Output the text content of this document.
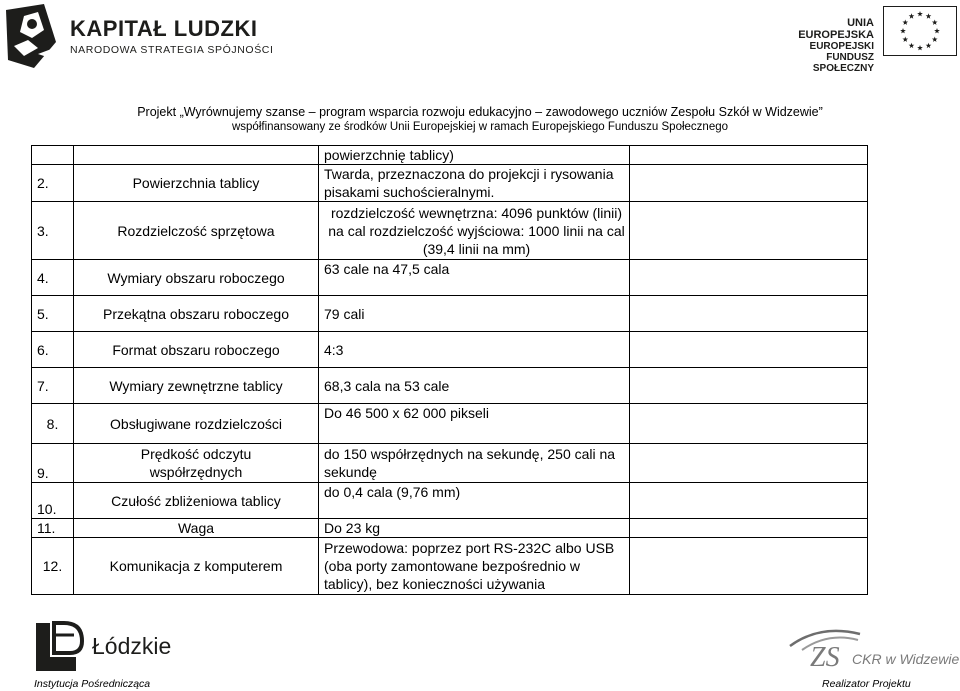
KAPITAŁ LUDZKI
NARODOWA STRATEGIA SPÓJNOŚCI
UNIA EUROPEJSKA
EUROPEJSKI
FUNDUSZ SPOŁECZNY
Projekt „Wyrównujemy szanse – program wsparcia rozwoju edukacyjno – zawodowego uczniów Zespołu Szkół w Widzewie”
współfinansowany ze środków Unii Europejskiej w ramach Europejskiego Funduszu Społecznego
		powierzchnię tablicy)	
2.	Powierzchnia tablicy	Twarda, przeznaczona do projekcji i rysowania pisakami suchościeralnymi.	
3.	Rozdzielczość sprzętowa	rozdzielczość wewnętrzna: 4096 punktów (linii) na cal rozdzielczość wyjściowa: 1000 linii na cal (39,4 linii na mm)	
4.	Wymiary obszaru roboczego	63 cale na 47,5 cala	
5.	Przekątna obszaru roboczego	79 cali	
6.	Format obszaru roboczego	4:3	
7.	Wymiary zewnętrzne tablicy	68,3 cala na 53 cale	
8.	Obsługiwane rozdzielczości	Do 46 500 x 62 000 pikseli	
9.	Prędkość odczytu współrzędnych	do 150 współrzędnych na sekundę, 250 cali na sekundę	
10.	Czułość zbliżeniowa tablicy	do 0,4 cala (9,76 mm)	
11.	Waga	Do 23 kg	
12.	Komunikacja z komputerem	Przewodowa: poprzez port RS-232C albo USB (oba porty zamontowane bezpośrednio w tablicy), bez konieczności używania	
Łódzkie
Instytucja Pośrednicząca
ZS CKR w Widzewie
Realizator Projektu
